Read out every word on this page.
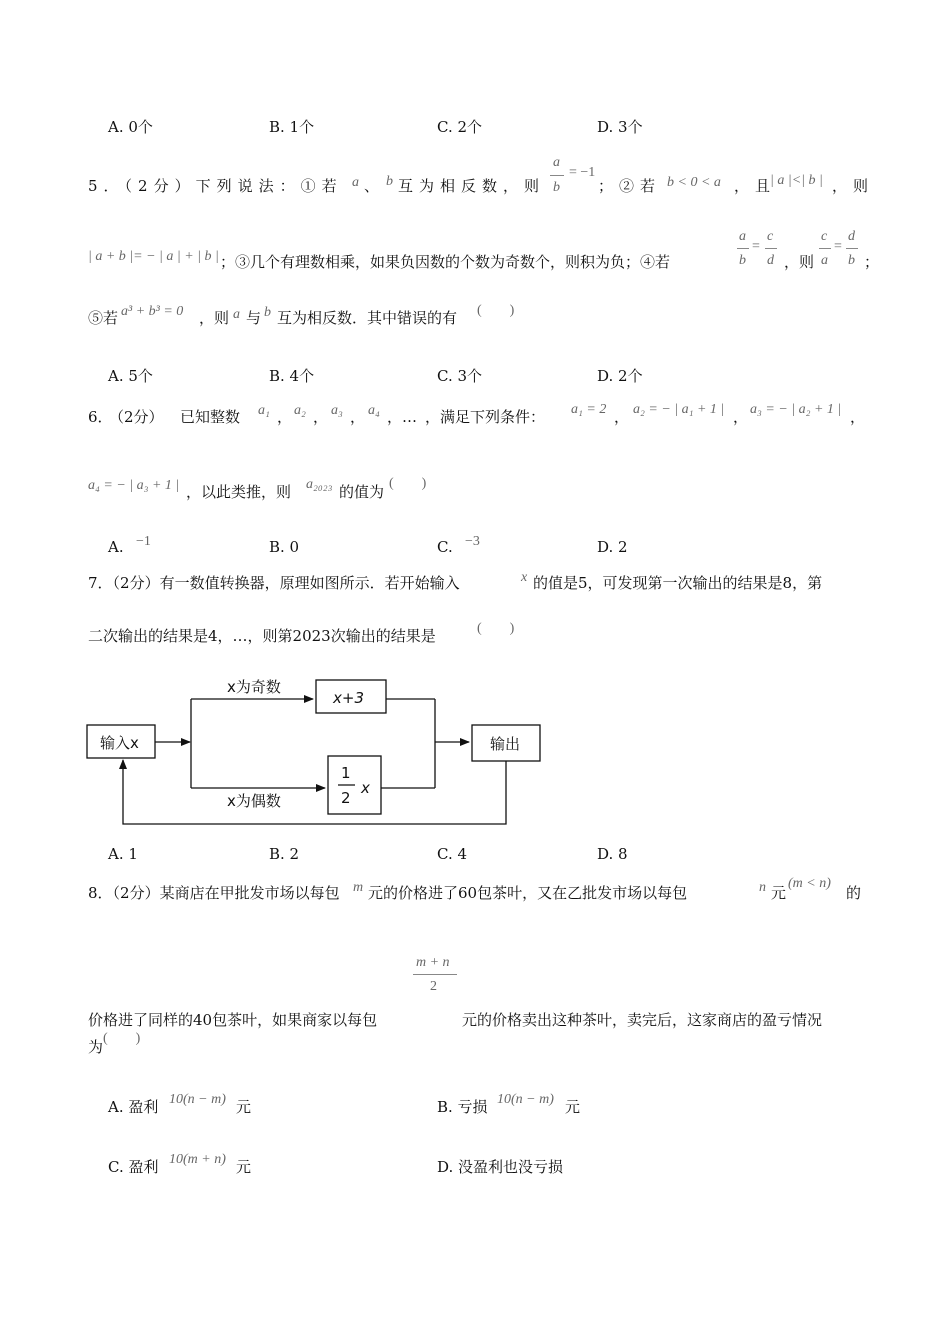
A. 0个	B. 1个	C. 2个	D. 3个
5．（2分）下列说法：①若 a 、 b 互为相反数，则
a
b
= −1
；②若 b < 0 < a ，且
| a |<| b | ，则
| a + b |= − | a | + | b | ；③几个有理数相乘，如果负因数的个数为奇数个，则积为负；④若
a
b
=
c
d ，则
c
a
=
d
b ；
⑤若 a³ + b³ = 0 ，则 a 与 b 互为相反数．其中错误的有 (　　)
A. 5个	B. 4个	C. 3个	D. 2个
6．
（2分） 已知整数 a₁ ， a₂ ， a₃ ， a₄ ， … ，满足下列条件： a₁ = 2 ， a₂ = − | a₁ + 1 | ， a₃ = − | a₂ + 1 | ，
a₄ = − | a₃ + 1 | ，以此类推，则 a₂₀₂₃ 的值为 (　　)
A. −1	B. 0	C. −3	D. 2
7．（2分）有一数值转换器，原理如图所示．若开始输入	x 的值是5，可发现第一次输出的结果是8，第
二次输出的结果是4，…，则第2023次输出的结果是	(　　)
输入x
x为奇数
x+3
x为偶数
1
2
x
输出
A. 1	B. 2	C. 4	D. 8
8．（2分）某商店在甲批发市场以每包 m 元的价格进了60包茶叶，又在乙批发市场以每包	n 元
(m < n)
的
价格进了同样的40包茶叶，如果商家以每包
m + n
2
元的价格卖出这种茶叶，卖完后，这家商店的盈亏情况
为 (　　)
A. 盈利 10(n − m) 元	B. 亏损 10(n − m) 元
C. 盈利 10(m + n) 元	D. 没盈利也没亏损
